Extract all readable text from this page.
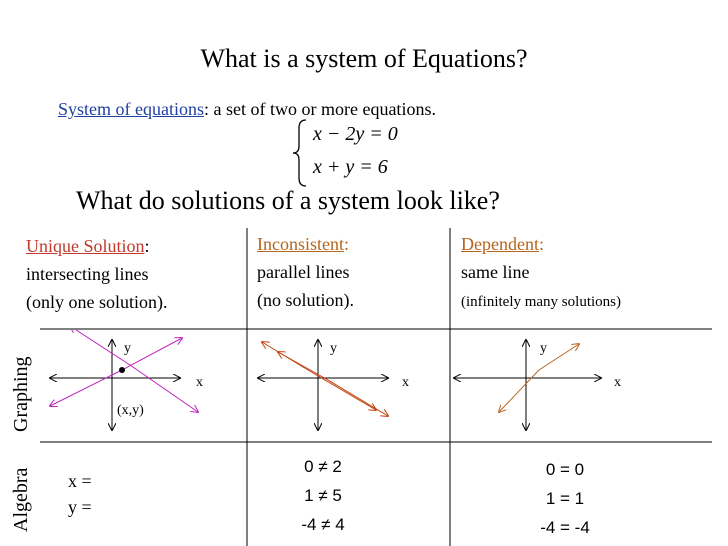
What is a system of Equations?
System of equations: a set of two or more equations.
x − 2y = 0
x + y = 6
What do solutions of a system look like?
Unique Solution:
intersecting lines
(only one solution).
Inconsistent:
parallel lines
(no solution).
Dependent:
same line
(infinitely many solutions)
Graphing
Algebra
y
x
(x,y)
y
x
y
x
x =
y =
0 ≠ 2
1 ≠ 5
-4 ≠ 4
0 = 0
1 = 1
-4 = -4
